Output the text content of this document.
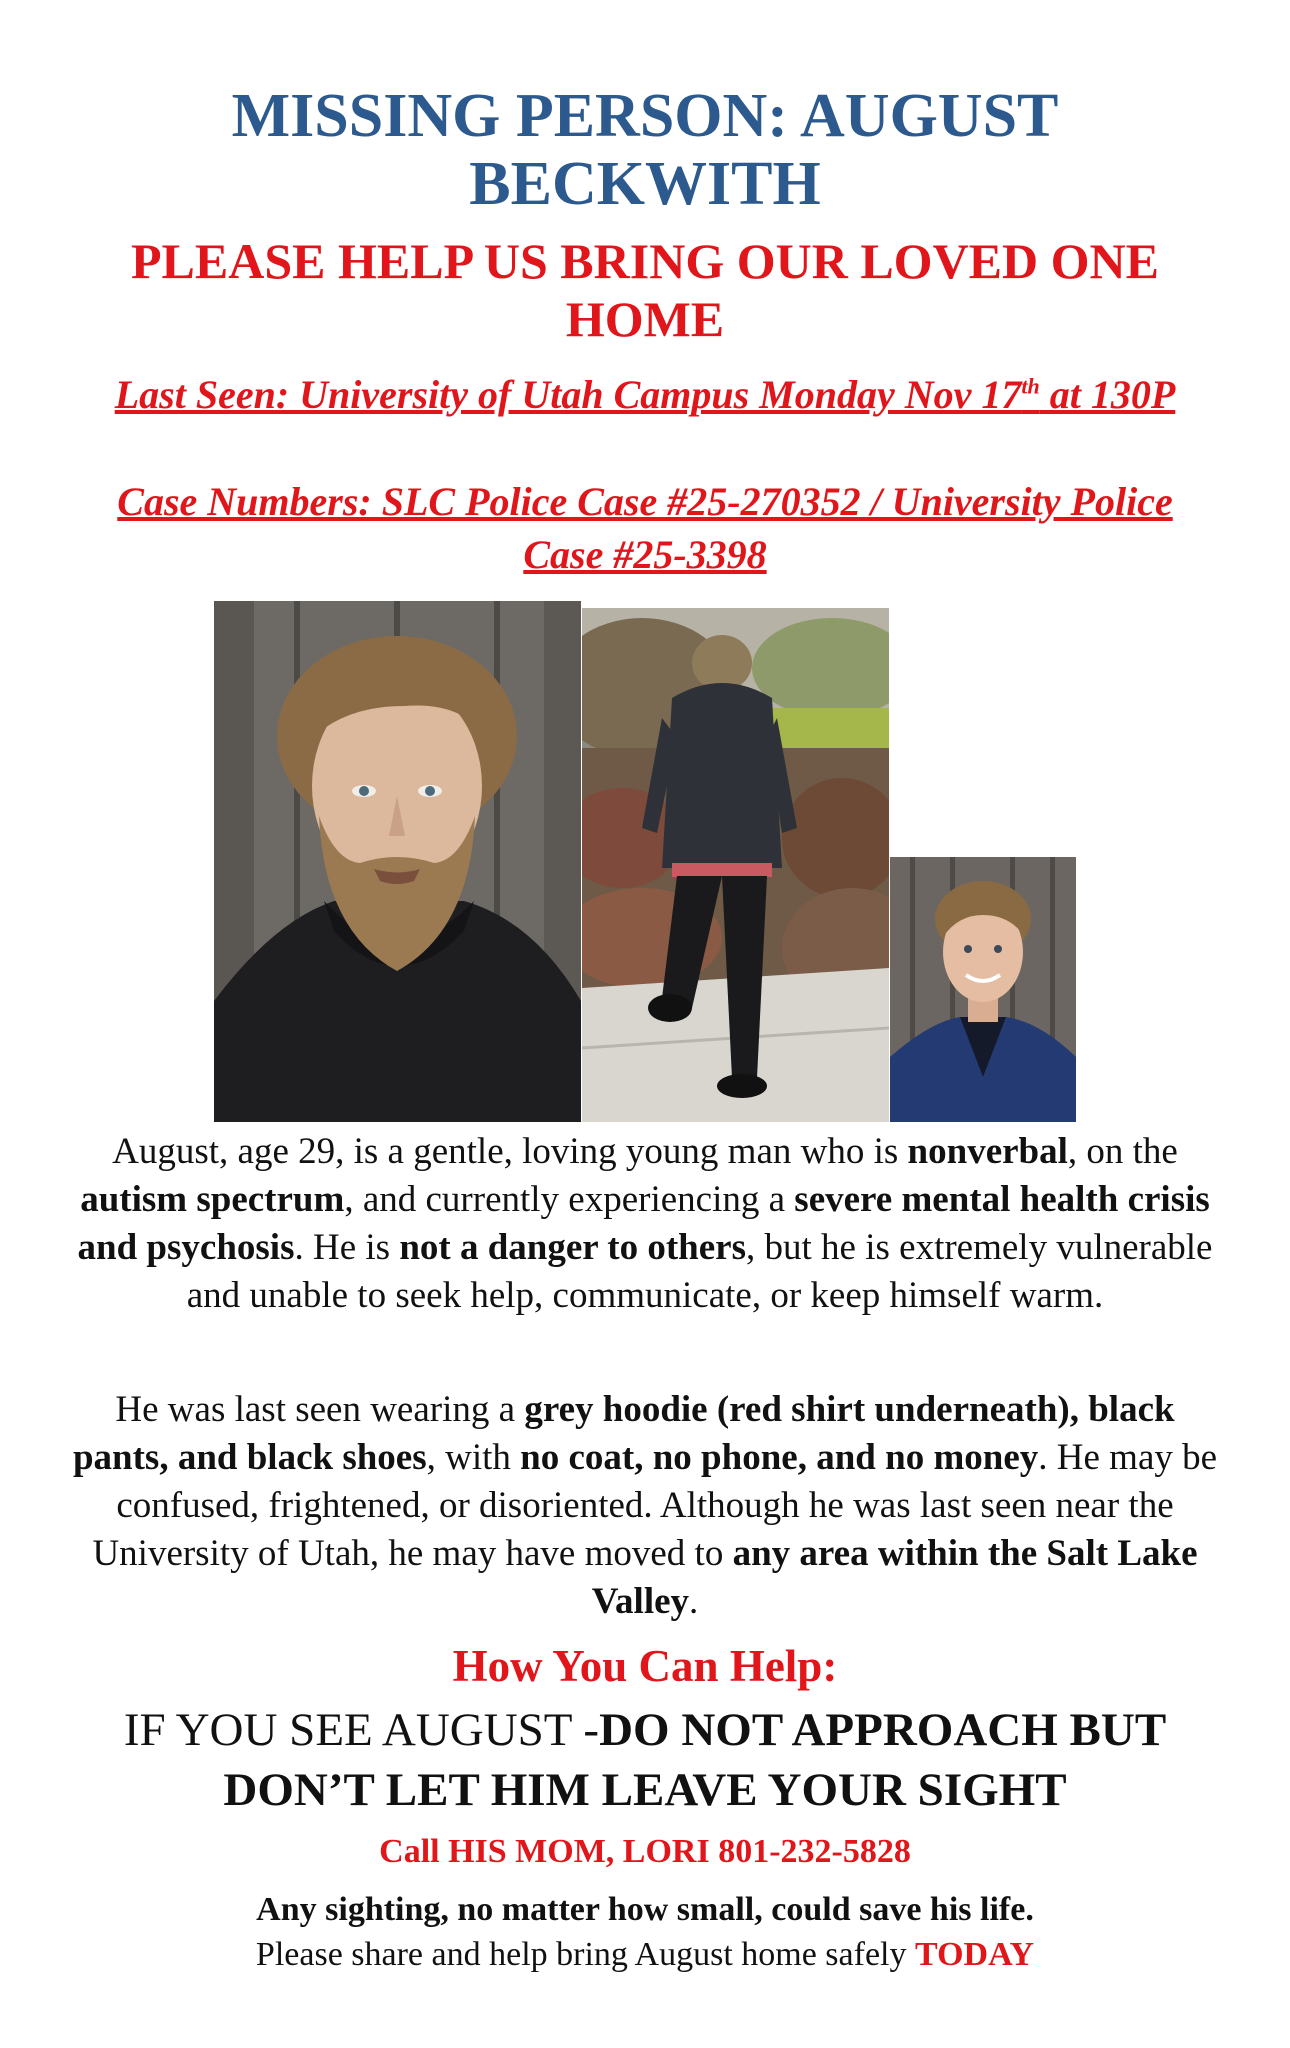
MISSING PERSON: AUGUST BECKWITH
PLEASE HELP US BRING OUR LOVED ONE HOME

Last Seen: University of Utah Campus Monday Nov 17th at 130P

Case Numbers: SLC Police Case #25-270352 / University Police Case #25-3398

August, age 29, is a gentle, loving young man who is nonverbal, on the autism spectrum, and currently experiencing a severe mental health crisis and psychosis. He is not a danger to others, but he is extremely vulnerable and unable to seek help, communicate, or keep himself warm.

He was last seen wearing a grey hoodie (red shirt underneath), black pants, and black shoes, with no coat, no phone, and no money. He may be confused, frightened, or disoriented. Although he was last seen near the University of Utah, he may have moved to any area within the Salt Lake Valley.

How You Can Help:

IF YOU SEE AUGUST -DO NOT APPROACH BUT DON’T LET HIM LEAVE YOUR SIGHT

Call HIS MOM, LORI 801-232-5828

Any sighting, no matter how small, could save his life.

Please share and help bring August home safely TODAY
